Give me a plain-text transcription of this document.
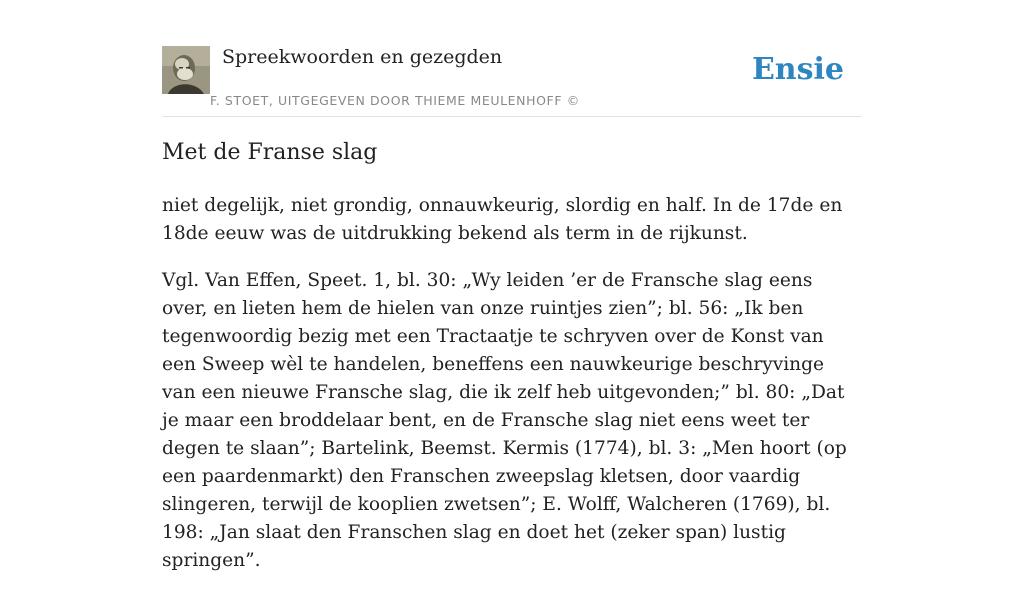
Spreekwoorden en gezegden
F. STOET, UITGEGEVEN DOOR THIEME MEULENHOFF ©
Ensie
Met de Franse slag

niet degelijk, niet grondig, onnauwkeurig, slordig en half. In de 17de en 18de eeuw was de uitdrukking bekend als term in de rijkunst.

Vgl. Van Effen, Speet. 1, bl. 30: „Wy leiden ’er de Fransche slag eens over, en lieten hem de hielen van onze ruintjes zien”; bl. 56: „Ik ben tegenwoordig bezig met een Tractaatje te schryven over de Konst van een Sweep wèl te handelen, beneffens een nauwkeurige beschryvinge van een nieuwe Fransche slag, die ik zelf heb uitgevonden;” bl. 80: „Dat je maar een broddelaar bent, en de Fransche slag niet eens weet ter degen te slaan”; Bartelink, Beemst. Kermis (1774), bl. 3: „Men hoort (op een paardenmarkt) den Franschen zweepslag kletsen, door vaardig slingeren, terwijl de kooplien zwetsen”; E. Wolff, Walcheren (1769), bl. 198: „Jan slaat den Franschen slag en doet het (zeker span) lustig springen”.
